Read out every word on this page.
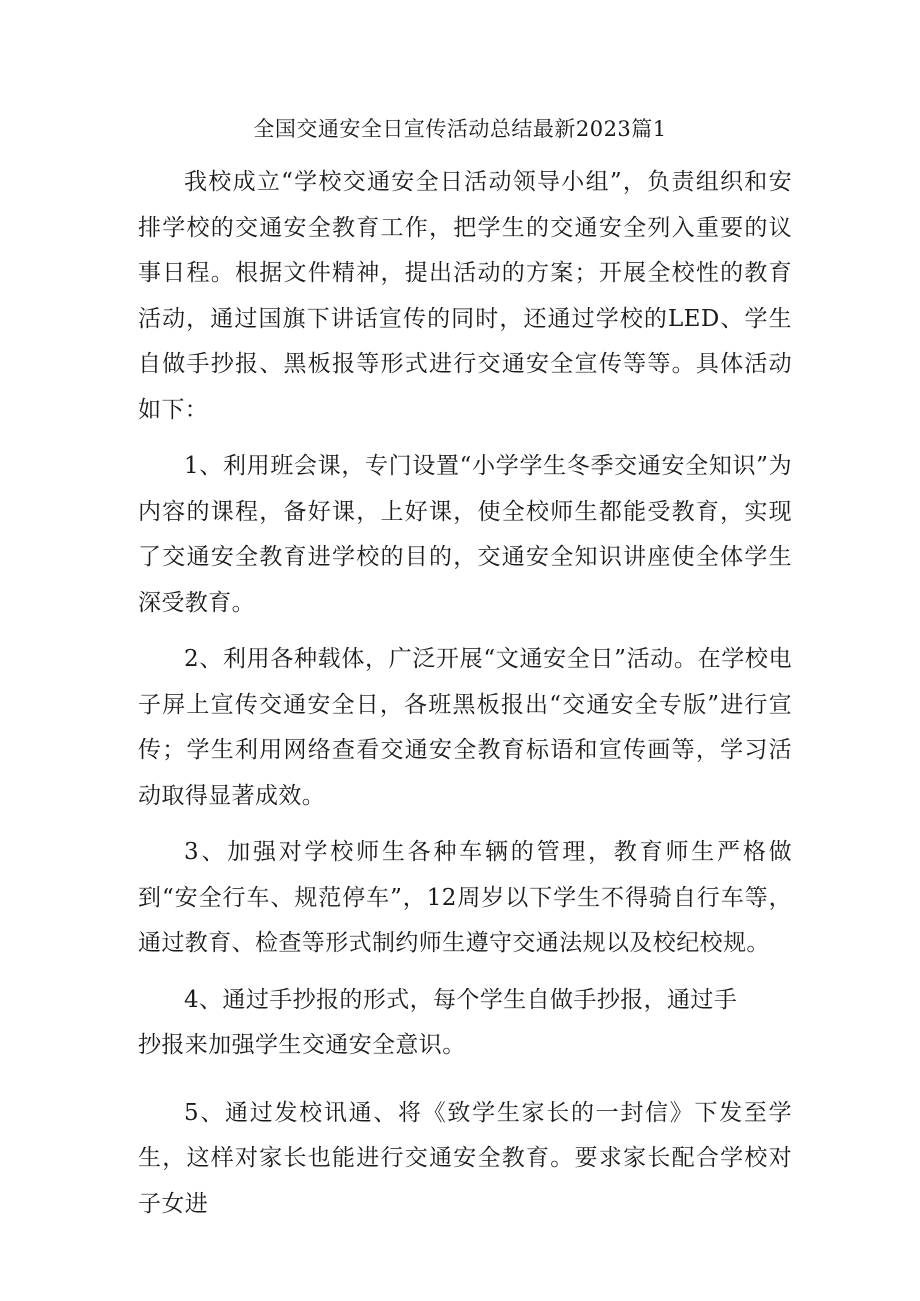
全国交通安全日宣传活动总结最新2023篇1

我校成立“学校交通安全日活动领导小组”，负责组织和安排学校的交通安全教育工作，把学生的交通安全列入重要的议事日程。根据文件精神，提出活动的方案；开展全校性的教育活动，通过国旗下讲话宣传的同时，还通过学校的LED、学生自做手抄报、黑板报等形式进行交通安全宣传等等。具体活动如下：

1、利用班会课，专门设置“小学学生冬季交通安全知识”为内容的课程，备好课，上好课，使全校师生都能受教育，实现了交通安全教育进学校的目的，交通安全知识讲座使全体学生深受教育。

2、利用各种载体，广泛开展“文通安全日”活动。在学校电子屏上宣传交通安全日，各班黑板报出“交通安全专版”进行宣传；学生利用网络查看交通安全教育标语和宣传画等，学习活动取得显著成效。

3、加强对学校师生各种车辆的管理，教育师生严格做到“安全行车、规范停车”，12周岁以下学生不得骑自行车等，通过教育、检查等形式制约师生遵守交通法规以及校纪校规。

4、通过手抄报的形式，每个学生自做手抄报，通过手

抄报来加强学生交通安全意识。

5、通过发校讯通、将《致学生家长的一封信》下发至学生，这样对家长也能进行交通安全教育。要求家长配合学校对子女进
